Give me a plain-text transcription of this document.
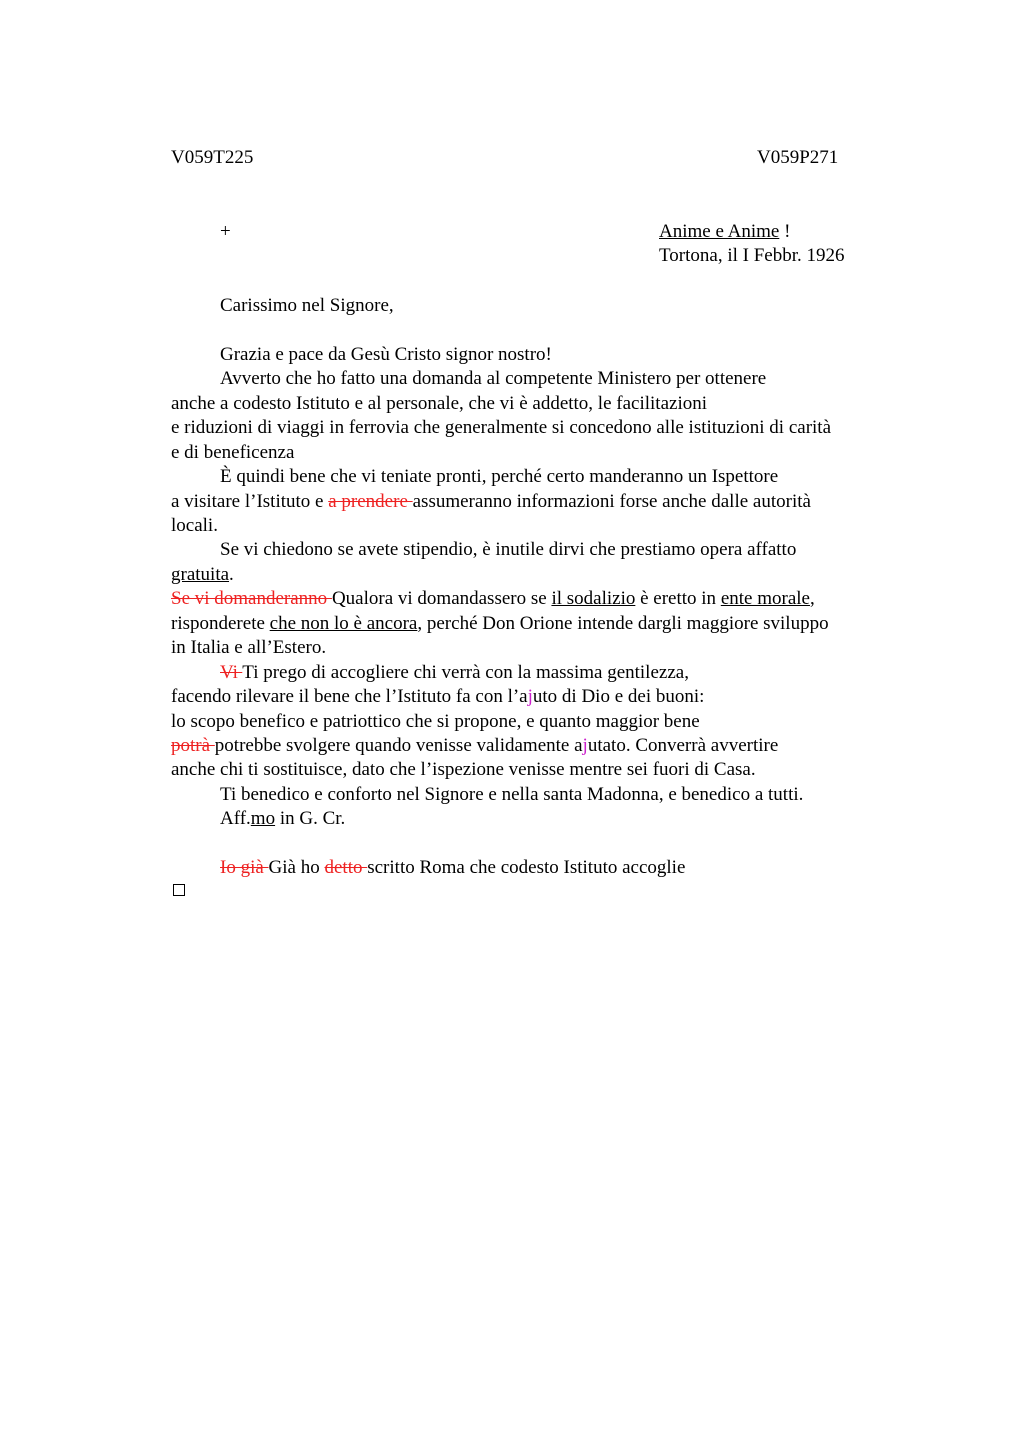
V059T225	V059P271
+	Anime e Anime !
Tortona, il I Febbr. 1926
Carissimo nel Signore,
Grazia e pace da Gesù Cristo signor nostro!
Avverto che ho fatto una domanda al competente Ministero per ottenere
anche a codesto Istituto e al personale, che vi è addetto, le facilitazioni
e riduzioni di viaggi in ferrovia che generalmente si concedono alle istituzioni di carità
e di beneficenza
È quindi bene che vi teniate pronti, perché certo manderanno un Ispettore
a visitare l’Istituto e a prendere assumeranno informazioni forse anche dalle autorità
locali.
Se vi chiedono se avete stipendio, è inutile dirvi che prestiamo opera affatto
gratuita.
Se vi domanderanno Qualora vi domandassero se il sodalizio è eretto in ente morale,
risponderete che non lo è ancora, perché Don Orione intende dargli maggiore sviluppo
in Italia e all’Estero.
Vi Ti prego di accogliere chi verrà con la massima gentilezza,
facendo rilevare il bene che l’Istituto fa con l’ajuto di Dio e dei buoni:
lo scopo benefico e patriottico che si propone, e quanto maggior bene
potrà potrebbe svolgere quando venisse validamente ajutato. Converrà avvertire
anche chi ti sostituisce, dato che l’ispezione venisse mentre sei fuori di Casa.
Ti benedico e conforto nel Signore e nella santa Madonna, e benedico a tutti.
Aff.mo in G. Cr.
Io già Già ho detto scritto Roma che codesto Istituto accoglie
